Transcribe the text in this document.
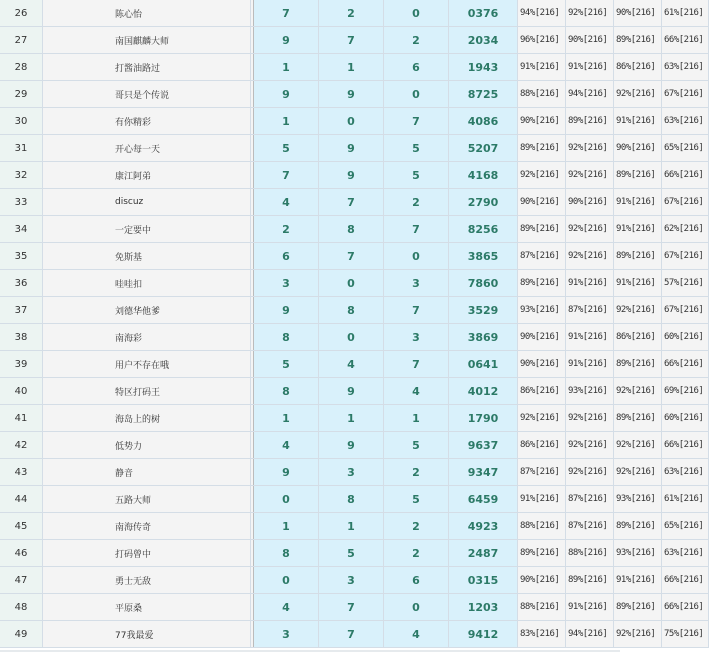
26	陈心怡		7	2	0	0376	94%[216]	92%[216]	90%[216]	61%[216]
27	南国麒麟大师		9	7	2	2034	96%[216]	90%[216]	89%[216]	66%[216]
28	打酱油路过		1	1	6	1943	91%[216]	91%[216]	86%[216]	63%[216]
29	哥只是个传说		9	9	0	8725	88%[216]	94%[216]	92%[216]	67%[216]
30	有你精彩		1	0	7	4086	90%[216]	89%[216]	91%[216]	63%[216]
31	开心每一天		5	9	5	5207	89%[216]	92%[216]	90%[216]	65%[216]
32	康江阿弟		7	9	5	4168	92%[216]	92%[216]	89%[216]	66%[216]
33	discuz		4	7	2	2790	90%[216]	90%[216]	91%[216]	67%[216]
34	一定要中		2	8	7	8256	89%[216]	92%[216]	91%[216]	62%[216]
35	免斯基		6	7	0	3865	87%[216]	92%[216]	89%[216]	67%[216]
36	哇哇扣		3	0	3	7860	89%[216]	91%[216]	91%[216]	57%[216]
37	刘德华他爹		9	8	7	3529	93%[216]	87%[216]	92%[216]	67%[216]
38	南海彩		8	0	3	3869	90%[216]	91%[216]	86%[216]	60%[216]
39	用户不存在哦		5	4	7	0641	90%[216]	91%[216]	89%[216]	66%[216]
40	特区打码王		8	9	4	4012	86%[216]	93%[216]	92%[216]	69%[216]
41	海岛上的树		1	1	1	1790	92%[216]	92%[216]	89%[216]	60%[216]
42	低势力		4	9	5	9637	86%[216]	92%[216]	92%[216]	66%[216]
43	静音		9	3	2	9347	87%[216]	92%[216]	92%[216]	63%[216]
44	五路大师		0	8	5	6459	91%[216]	87%[216]	93%[216]	61%[216]
45	南海传奇		1	1	2	4923	88%[216]	87%[216]	89%[216]	65%[216]
46	打码曾中		8	5	2	2487	89%[216]	88%[216]	93%[216]	63%[216]
47	勇士无敌		0	3	6	0315	90%[216]	89%[216]	91%[216]	66%[216]
48	平原桑		4	7	0	1203	88%[216]	91%[216]	89%[216]	66%[216]
49	77我最爱		3	7	4	9412	83%[216]	94%[216]	92%[216]	75%[216]
